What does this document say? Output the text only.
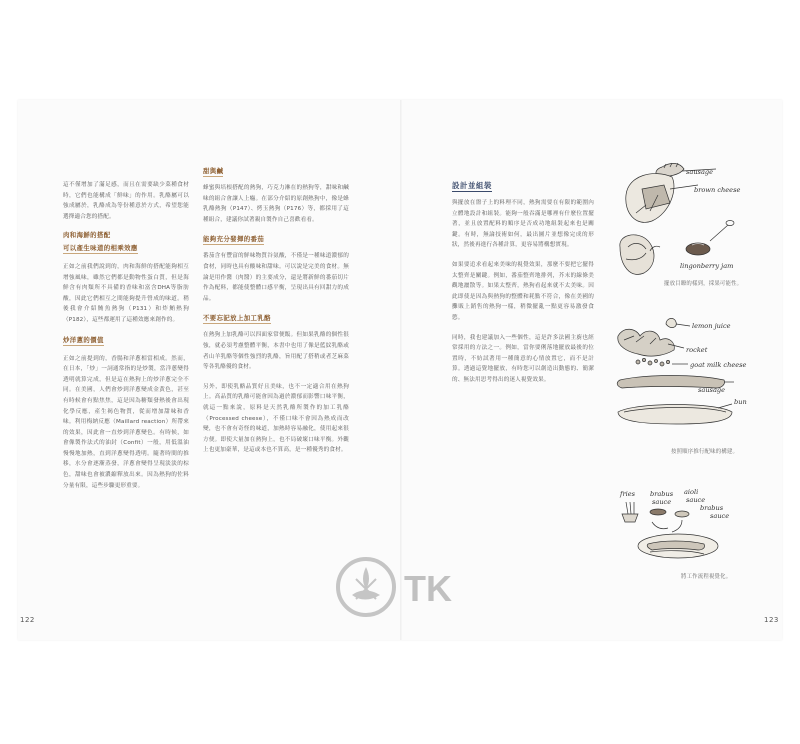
這不僅增加了滿足感，而且在需要缺少菜種食材時，它們也能構成「鮮味」的作用。乳酪屬可以強成屬於，乳酪成為等份種意於方式，希望您能選擇適合您的搭配。

肉和海鮮的搭配
可以產生味道的相乘效應

正如之前我們說到的，肉和海鮮的搭配能夠相互增強風味，雖然它們都是動物性蛋白質，但是海鮮含有肉類所不具備的香味和富含DHA等脂肪酸，因此它們相互之間能夠提升營成的味道。稍後我會介紹鮪魚熱狗（P131）和炸鮪熱狗（P182），這些都運用了這種效應來創作的。

炒洋蔥的價值

正如之前提到的，香腸和洋蔥相當相成。然而，在日本，「炒」一詞通常指的是炒製，當洋蔥變得透明就算完成，但是這在熱狗上的炒洋蔥完全不同。在美國，人們會炒到洋蔥變成金黃色，甚至有時候會有點焦焦，這是因為糖類發熱後會出現化學反應，產生褐色物質，從而增加甜味和香味。利用梅納反應（Maillard reaction）所帶來的效果，因此會一直炒到洋蔥變色。有時候，如會像製作法式的油封（Confit）一般，用低溫油慢慢地加熱，直到洋蔥變得透明。隨著時間的推移，水分會逐漸蒸發，洋蔥會變得呈現淡淡的棕色，甜味也會被濃縮釋放出來。因為熱狗的佐料分量有限，這些步驟更形重要。

甜與鹹

蜂蜜與培根搭配的熱狗，巧克力淋在的熱狗等，甜味和鹹味的組合會讓人上癮。在部分介紹的原創熱狗中，像是蜂乳酪熱狗（P147）、烤玉熱狗（P176）等，都採用了這種組合，建議你試著親自製作自己喜歡看看。

能夠充分發揮的番茄

番茄含有豐富的鮮味物質谷氨酸，不僅是一種味道濃郁的食材，同時也具有酸味和甜味。可以說是完美的食材。無論是用作醬（肉醬）的主要成分，還是將新鮮的番茄切片作為配料，都能使整體口感平衡，呈現出具有回甜力的成品。

不要忘記放上加工乳酪

在熱狗上加乳酪可以四面家常便飯。但如果乳酪的個性很強，就必須考慮整體平衡，本書中也用了像是藍紋乳酪或者山羊乳酪等個性強烈的乳酪，旨用配了搭稍或者芝麻菜等各乳酪優的食材。

另外，即使乳酪品質好且美味，也不一定適合用在熱狗上。高品質的乳酪可能會因為過於濃郁而影響口味平衡，就這一點來說，原料是天然乳酪所製作的加工乳酪（Processed cheese），不僅口味不會因為熱成而改變，也不會有奇怪的味道，加熱時容易融化，使用起來很方便。即使大量加在熱狗上，也不局破壞口味平衡。外觀上也更加豪華，是這或本也不算高，是一種優秀的食材。

設計並組裝

與擺放在盤子上的料理不同，熱狗需要在有限的範圍內立體地設計和組裝。能夠一般吞滿是哪裡有什麼位置擺著，並且放置配料的順序是否成功地組裝起來也是關鍵。有時，無論技術如何，最出圖片並想像完成的形狀，然後再進行各種計算，更容易將構想實現。

如果要追求看起來美味的視覺效果，那麼不要把它擺得太整齊是關鍵。例如，番茄整齊地排列，芥末的線條美觀地灑散等。如果太整齊，熱狗看起來就不太美味。因此即使是因為與熱狗的整體和耗點不符合，像在美國的攤販上銷售的熱狗一樣，稍微擺亂一點更容易激發食慾。

同時，我也建議加入一些個性，這是許多法國主廚也經常採用的方法之一。例如，當你要俐落地擺放最後的位置時，不妨試著用一種簡意的心情放置它，而不是計算。透過這覺地擺放，有時您可以創造出動態的、簡潔的、無法用思考得出的迷人視覺效果。

sausage
brown cheese
lingonberry jam
擺放目瞭的樣到，採果可能性。
lemon juice
rocket
goat milk cheese
sausage
bun
按照順序推行配味的構建。
fries brabus
sauce
aioli
sauce
brabus
sauce
將工作流程視覺化。
TK
122	123
